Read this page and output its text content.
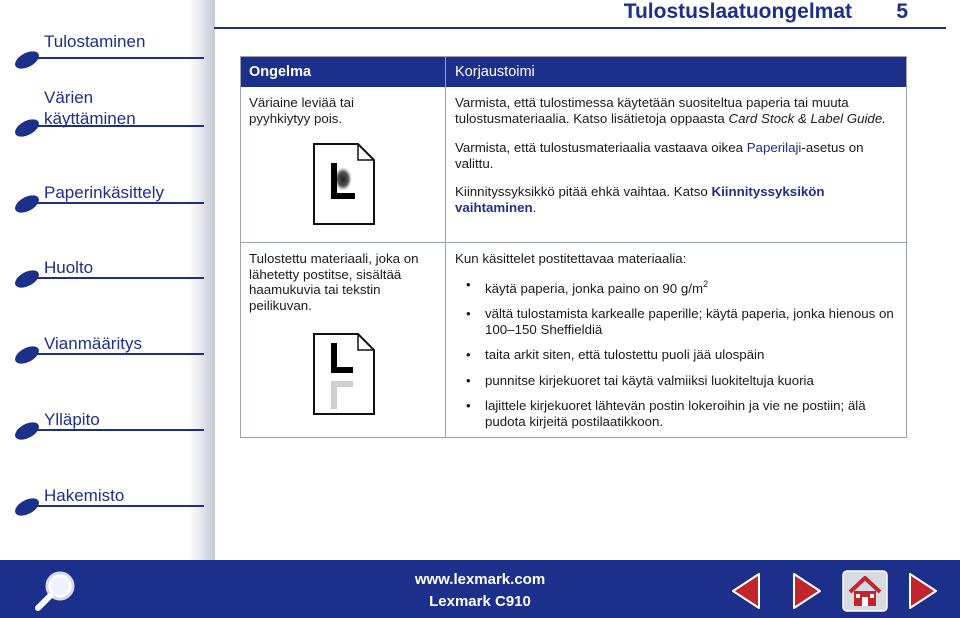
Tulostaminen
Värien
käyttäminen
Paperinkäsittely
Huolto
Vianmääritys
Ylläpito
Hakemisto
Tulostuslaatuongelmat 5
Ongelma	Korjaustoimi
Väriaine leviää tai pyyhkiytyy pois.

Varmista, että tulostimessa käytetään suositeltua paperia tai muuta tulostusmateriaalia. Katso lisätietoja oppaasta Card Stock & Label Guide.

Varmista, että tulostusmateriaalia vastaava oikea Paperilaji-asetus on valittu.

Kiinnityssyksikkö pitää ehkä vaihtaa. Katso Kiinnityssyksikön vaihtaminen.

Tulostettu materiaali, joka on lähetetty postitse, sisältää haamukuvia tai tekstin peilikuvan.

Kun käsittelet postitettavaa materiaalia:

• käytä paperia, jonka paino on 90 $g/m^2$
• vältä tulostamista karkealle paperille; käytä paperia, jonka hienous on 100–150 Sheffieldiä
• taita arkit siten, että tulostettu puoli jää ulospäin
• punnitse kirjekuoret tai käytä valmiiksi luokiteltuja kuoria
• lajittele kirjekuoret lähtevän postin lokeroihin ja vie ne postiin; älä pudota kirjeitä postilaatikkoon.
www.lexmark.com
Lexmark C910
